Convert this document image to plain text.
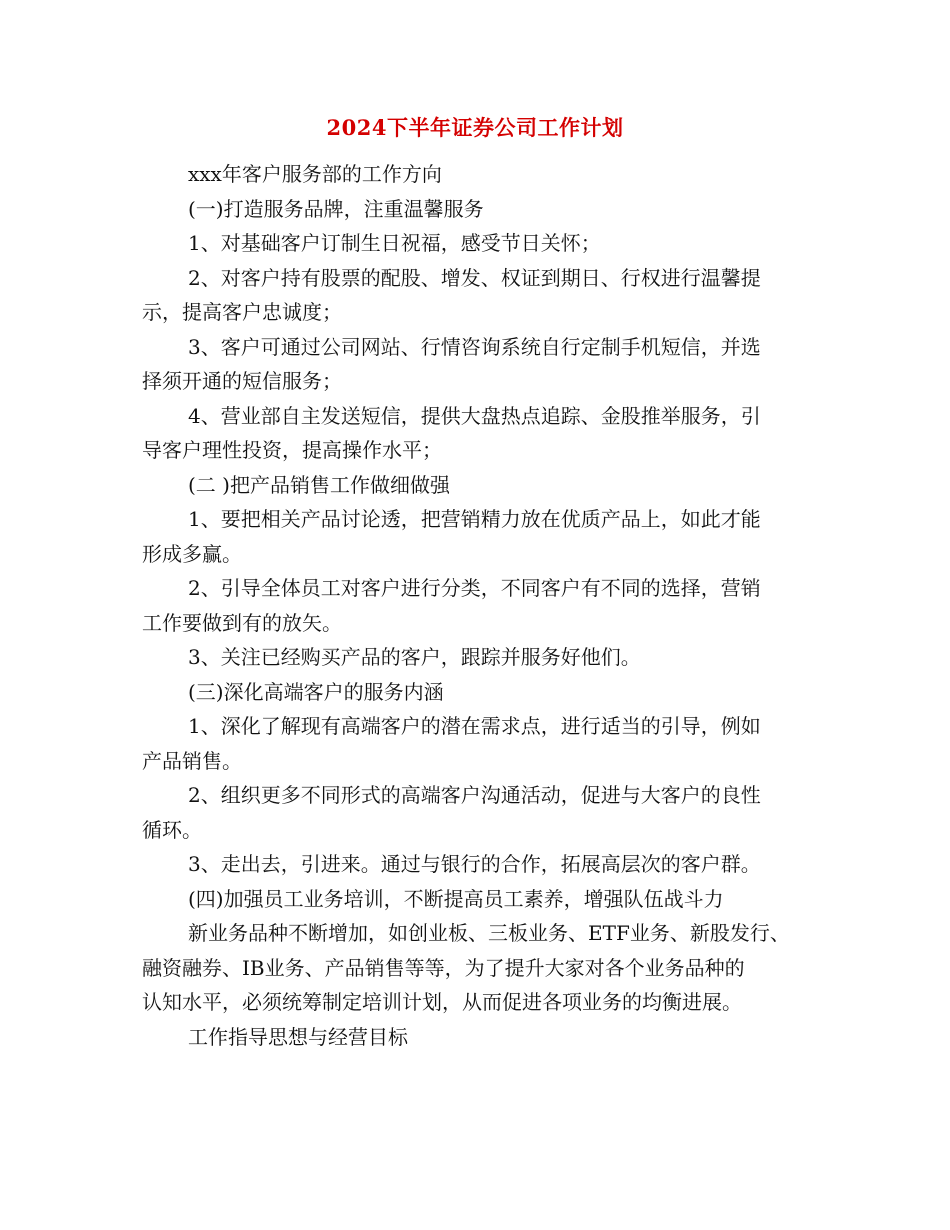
2024下半年证券公司工作计划

xxx年客户服务部的工作方向

(一)打造服务品牌，注重温馨服务

1、对基础客户订制生日祝福，感受节日关怀；

2、对客户持有股票的配股、增发、权证到期日、行权进行温馨提

示，提高客户忠诚度；

3、客户可通过公司网站、行情咨询系统自行定制手机短信，并选

择须开通的短信服务；

4、营业部自主发送短信，提供大盘热点追踪、金股推举服务，引

导客户理性投资，提高操作水平；

(二 )把产品销售工作做细做强

1、要把相关产品讨论透，把营销精力放在优质产品上，如此才能

形成多赢。

2、引导全体员工对客户进行分类，不同客户有不同的选择，营销

工作要做到有的放矢。

3、关注已经购买产品的客户，跟踪并服务好他们。

(三)深化高端客户的服务内涵

1、深化了解现有高端客户的潜在需求点，进行适当的引导，例如

产品销售。

2、组织更多不同形式的高端客户沟通活动，促进与大客户的良性

循环。

3、走出去，引进来。通过与银行的合作，拓展高层次的客户群。

(四)加强员工业务培训，不断提高员工素养，增强队伍战斗力

新业务品种不断增加，如创业板、三板业务、ETF业务、新股发行、

融资融券、IB业务、产品销售等等，为了提升大家对各个业务品种的

认知水平，必须统筹制定培训计划，从而促进各项业务的均衡进展。

工作指导思想与经营目标
